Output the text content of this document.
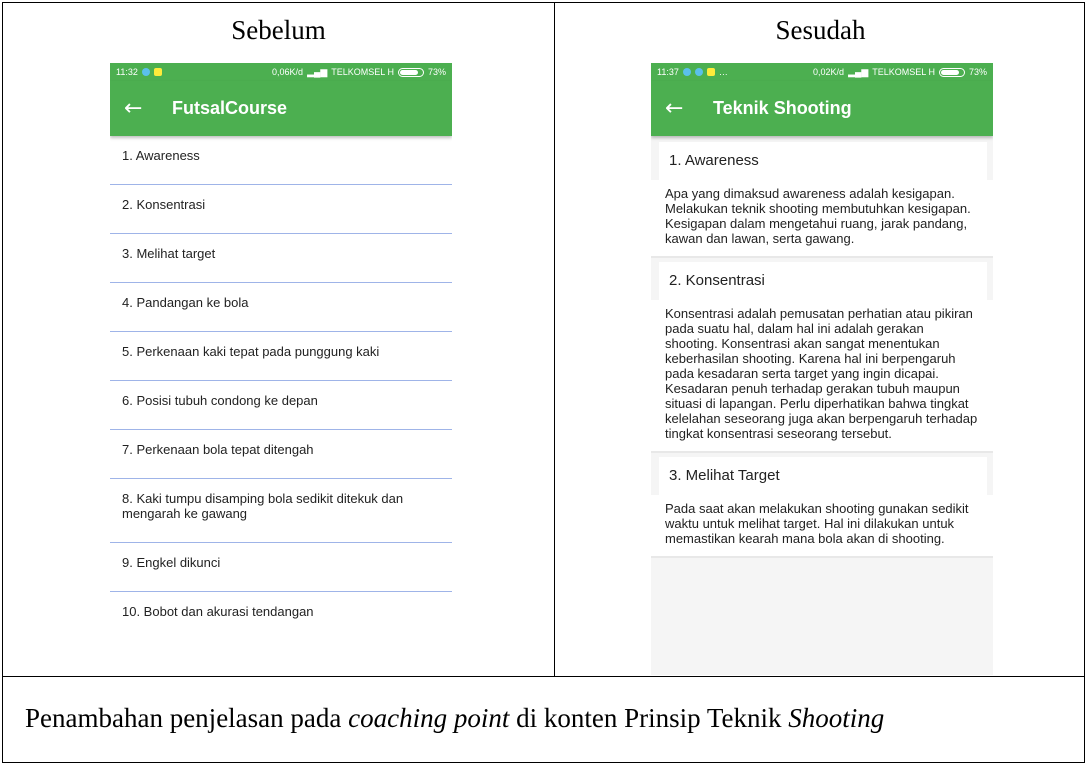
Sebelum	Sesudah
11:32	0,06K/d ▂▄▆ TELKOMSEL H	73%
←	FutsalCourse
1. Awareness
2. Konsentrasi
3. Melihat target
4. Pandangan ke bola
5. Perkenaan kaki tepat pada punggung kaki
6. Posisi tubuh condong ke depan
7. Perkenaan bola tepat ditengah
8. Kaki tumpu disamping bola sedikit ditekuk dan mengarah ke gawang
9. Engkel dikunci
10. Bobot dan akurasi tendangan
11:37	…	0,02K/d ▂▄▆ TELKOMSEL H	73%
←	Teknik Shooting
1. Awareness
Apa yang dimaksud awareness adalah kesigapan. Melakukan teknik shooting membutuhkan kesigapan. Kesigapan dalam mengetahui ruang, jarak pandang, kawan dan lawan, serta gawang.
2. Konsentrasi
Konsentrasi adalah pemusatan perhatian atau pikiran pada suatu hal, dalam hal ini adalah gerakan shooting. Konsentrasi akan sangat menentukan keberhasilan shooting. Karena hal ini berpengaruh pada kesadaran serta target yang ingin dicapai. Kesadaran penuh terhadap gerakan tubuh maupun situasi di lapangan. Perlu diperhatikan bahwa tingkat kelelahan seseorang juga akan berpengaruh terhadap tingkat konsentrasi seseorang tersebut.
3. Melihat Target
Pada saat akan melakukan shooting gunakan sedikit waktu untuk melihat target. Hal ini dilakukan untuk memastikan kearah mana bola akan di shooting.
Penambahan penjelasan pada coaching point di konten Prinsip Teknik Shooting
